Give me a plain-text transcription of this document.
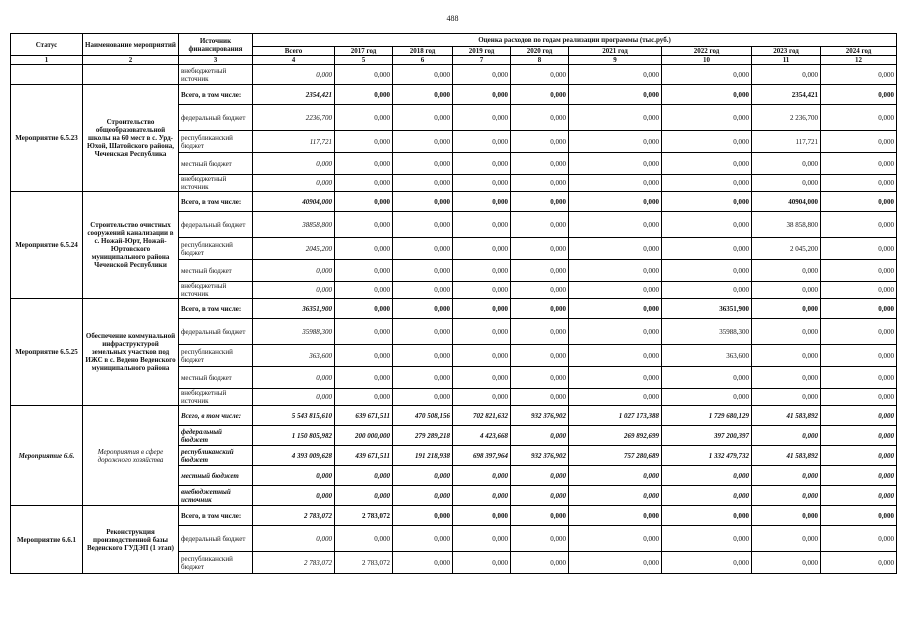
488
Статус	Наименование мероприятий	Источник финансирования	Оценка расходов по годам реализации программы (тыс.руб.)								
			Всего	2017 год	2018 год	2019 год	2020 год	2021 год	2022 год	2023 год	2024 год
1	2	3	4	5	6	7	8	9	10	11	12
		внебюджетный источник	0,000	0,000	0,000	0,000	0,000	0,000	0,000	0,000	0,000
Мероприятие 6.5.23	Строительство общеобразовательной школы на 60 мест в с. Урд-Юхой, Шатойского района, Чеченская Республика	Всего, в том числе:	2354,421	0,000	0,000	0,000	0,000	0,000	0,000	2354,421	0,000
		федеральный бюджет	2236,700	0,000	0,000	0,000	0,000	0,000	0,000	2 236,700	0,000
		республиканский бюджет	117,721	0,000	0,000	0,000	0,000	0,000	0,000	117,721	0,000
		местный бюджет	0,000	0,000	0,000	0,000	0,000	0,000	0,000	0,000	0,000
		внебюджетный источник	0,000	0,000	0,000	0,000	0,000	0,000	0,000	0,000	0,000
Мероприятие 6.5.24	Строительство очистных сооружений канализации в с. Ножай-Юрт, Ножай-Юртовского муниципального района Чеченской Республики	Всего, в том числе:	40904,000	0,000	0,000	0,000	0,000	0,000	0,000	40904,000	0,000
		федеральный бюджет	38858,800	0,000	0,000	0,000	0,000	0,000	0,000	38 858,800	0,000
		республиканский бюджет	2045,200	0,000	0,000	0,000	0,000	0,000	0,000	2 045,200	0,000
		местный бюджет	0,000	0,000	0,000	0,000	0,000	0,000	0,000	0,000	0,000
		внебюджетный источник	0,000	0,000	0,000	0,000	0,000	0,000	0,000	0,000	0,000
Мероприятие 6.5.25	Обеспечение коммунальной инфраструктурой земельных участков под ИЖС в с. Ведено Веденского муниципального района	Всего, в том числе:	36351,900	0,000	0,000	0,000	0,000	0,000	36351,900	0,000	0,000
		федеральный бюджет	35988,300	0,000	0,000	0,000	0,000	0,000	35988,300	0,000	0,000
		республиканский бюджет	363,600	0,000	0,000	0,000	0,000	0,000	363,600	0,000	0,000
		местный бюджет	0,000	0,000	0,000	0,000	0,000	0,000	0,000	0,000	0,000
		внебюджетный источник	0,000	0,000	0,000	0,000	0,000	0,000	0,000	0,000	0,000
Мероприятие 6.6.	Мероприятия в сфере дорожного хозяйства	Всего, в том числе:	5 543 815,610	639 671,511	470 508,156	702 821,632	932 376,902	1 027 173,388	1 729 680,129	41 583,892	0,000
		федеральный бюджет	1 150 805,982	200 000,000	279 289,218	4 423,668	0,000	269 892,699	397 200,397	0,000	0,000
		республиканский бюджет	4 393 009,628	439 671,511	191 218,938	698 397,964	932 376,902	757 280,689	1 332 479,732	41 583,892	0,000
		местный бюджет	0,000	0,000	0,000	0,000	0,000	0,000	0,000	0,000	0,000
		внебюджетный источник	0,000	0,000	0,000	0,000	0,000	0,000	0,000	0,000	0,000
Мероприятие 6.6.1	Реконструкция производственной базы Веденского ГУДЭП (1 этап)	Всего, в том числе:	2 783,072	2 783,072	0,000	0,000	0,000	0,000	0,000	0,000	0,000
		федеральный бюджет	0,000	0,000	0,000	0,000	0,000	0,000	0,000	0,000	0,000
		республиканский бюджет	2 783,072	2 783,072	0,000	0,000	0,000	0,000	0,000	0,000	0,000
